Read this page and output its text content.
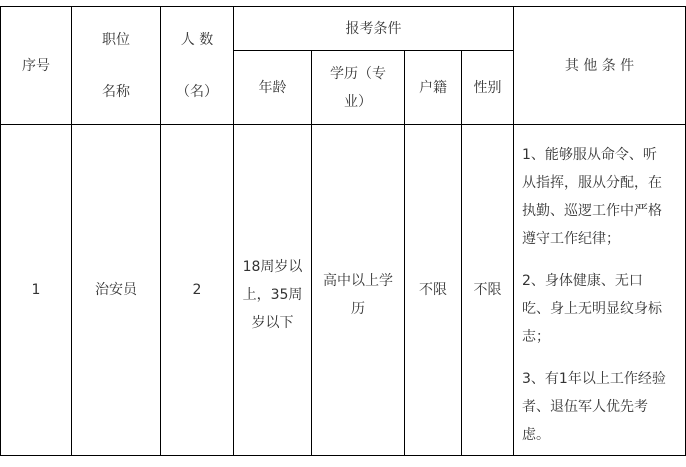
序号
职位
名称
人 数
（名）
报考条件
年龄
学历（专
业）
户籍 性别
其 他 条 件
1	治安员	2
18周岁以
上，35周
岁以下
高中以上学
历
不限 不限

1、能够服从命令、听
从指挥，服从分配，在
执勤、巡逻工作中严格
遵守工作纪律；

2、身体健康、无口
吃、身上无明显纹身标
志；

3、有1年以上工作经验
者、退伍军人优先考
虑。
